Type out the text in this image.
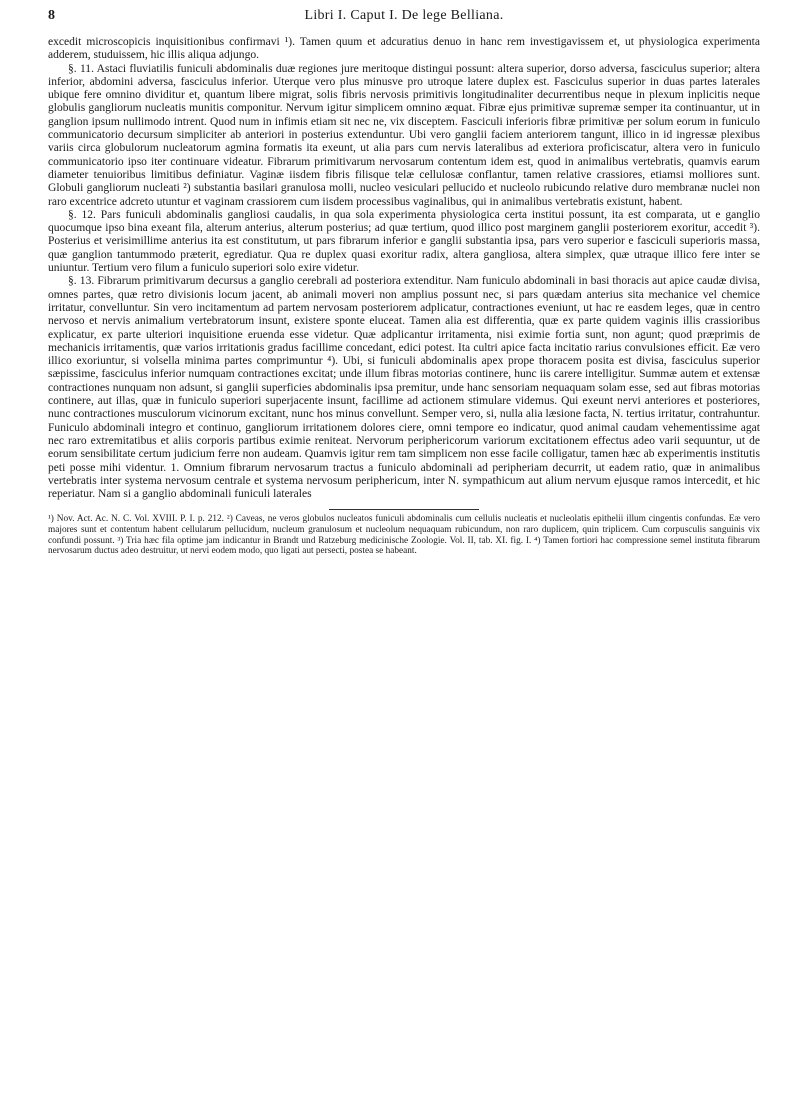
8	Libri I. Caput I. De lege Belliana.

excedit microscopicis inquisitionibus confirmavi ¹). Tamen quum et adcuratius denuo in hanc rem investigavissem et, ut physiologica experimenta adderem, studuissem, hic illis aliqua adjungo.

§. 11. Astaci fluviatilis funiculi abdominalis duæ regiones jure meritoque distingui possunt: altera superior, dorso adversa, fasciculus superior; altera inferior, abdomini adversa, fasciculus inferior. Uterque vero plus minusve pro utroque latere duplex est. Fasciculus superior in duas partes laterales ubique fere omnino dividitur et, quantum libere migrat, solis fibris nervosis primitivis longitudinaliter decurrentibus neque in plexum inplicitis neque globulis gangliorum nucleatis munitis componitur. Nervum igitur simplicem omnino æquat. Fibræ ejus primitivæ supremæ semper ita continuantur, ut in ganglion ipsum nullimodo intrent. Quod num in infimis etiam sit nec ne, vix disceptem. Fasciculi inferioris fibræ primitivæ per solum eorum in funiculo communicatorio decursum simpliciter ab anteriori in posterius extenduntur. Ubi vero ganglii faciem anteriorem tangunt, illico in id ingressæ plexibus variis circa globulorum nucleatorum agmina formatis ita exeunt, ut alia pars cum nervis lateralibus ad exteriora proficiscatur, altera vero in funiculo communicatorio ipso iter continuare videatur. Fibrarum primitivarum nervosarum contentum idem est, quod in animalibus vertebratis, quamvis earum diameter tenuioribus limitibus definiatur. Vaginæ iisdem fibris filisque telæ cellulosæ conflantur, tamen relative crassiores, etiamsi molliores sunt. Globuli gangliorum nucleati ²) substantia basilari granulosa molli, nucleo vesiculari pellucido et nucleolo rubicundo relative duro membranæ nuclei non raro excentrice adcreto utuntur et vaginam crassiorem cum iisdem processibus vaginalibus, qui in animalibus vertebratis existunt, habent.

§. 12. Pars funiculi abdominalis gangliosi caudalis, in qua sola experimenta physiologica certa institui possunt, ita est comparata, ut e ganglio quocumque ipso bina exeant fila, alterum anterius, alterum posterius; ad quæ tertium, quod illico post marginem ganglii posteriorem exoritur, accedit ³). Posterius et verisimillime anterius ita est constitutum, ut pars fibrarum inferior e ganglii substantia ipsa, pars vero superior e fasciculi superioris massa, quæ ganglion tantummodo præterit, egrediatur. Qua re duplex quasi exoritur radix, altera gangliosa, altera simplex, quæ utraque illico fere inter se uniuntur. Tertium vero filum a funiculo superiori solo exire videtur.

§. 13. Fibrarum primitivarum decursus a ganglio cerebrali ad posteriora extenditur. Nam funiculo abdominali in basi thoracis aut apice caudæ divisa, omnes partes, quæ retro divisionis locum jacent, ab animali moveri non amplius possunt nec, si pars quædam anterius sita mechanice vel chemice irritatur, convelluntur. Sin vero incitamentum ad partem nervosam posteriorem adplicatur, contractiones eveniunt, ut hac re easdem leges, quæ in centro nervoso et nervis animalium vertebratorum insunt, existere sponte eluceat. Tamen alia est differentia, quæ ex parte quidem vaginis illis crassioribus explicatur, ex parte ulteriori inquisitione eruenda esse videtur. Quæ adplicantur irritamenta, nisi eximie fortia sunt, non agunt; quod præprimis de mechanicis irritamentis, quæ varios irritationis gradus facillime concedant, edici potest. Ita cultri apice facta incitatio rarius convulsiones efficit. Eæ vero illico exoriuntur, si volsella minima partes comprimuntur ⁴). Ubi, si funiculi abdominalis apex prope thoracem posita est divisa, fasciculus superior sæpissime, fasciculus inferior numquam contractiones excitat; unde illum fibras motorias continere, hunc iis carere intelligitur. Summæ autem et extensæ contractiones nunquam non adsunt, si ganglii superficies abdominalis ipsa premitur, unde hanc sensoriam nequaquam solam esse, sed aut fibras motorias continere, aut illas, quæ in funiculo superiori superjacente insunt, facillime ad actionem stimulare videmus. Qui exeunt nervi anteriores et posteriores, nunc contractiones musculorum vicinorum excitant, nunc hos minus convellunt. Semper vero, si, nulla alia læsione facta, N. tertius irritatur, contrahuntur. Funiculo abdominali integro et continuo, gangliorum irritationem dolores ciere, omni tempore eo indicatur, quod animal caudam vehementissime agat nec raro extremitatibus et aliis corporis partibus eximie reniteat. Nervorum periphericorum variorum excitationem effectus adeo varii sequuntur, ut de eorum sensibilitate certum judicium ferre non audeam. Quamvis igitur rem tam simplicem non esse facile colligatur, tamen hæc ab experimentis institutis peti posse mihi videntur. 1. Omnium fibrarum nervosarum tractus a funiculo abdominali ad peripheriam decurrit, ut eadem ratio, quæ in animalibus vertebratis inter systema nervosum centrale et systema nervosum periphericum, inter N. sympathicum aut alium nervum ejusque ramos intercedit, et hic reperiatur. Nam si a ganglio abdominali funiculi laterales

¹) Nov. Act. Ac. N. C. Vol. XVIII. P. I. p. 212. ²) Caveas, ne veros globulos nucleatos funiculi abdominalis cum cellulis nucleatis et nucleolatis epithelii illum cingentis confundas. Eæ vero majores sunt et contentum habent cellularum pellucidum, nucleum granulosum et nucleolum nequaquam rubicundum, non raro duplicem, quin triplicem. Cum corpusculis sanguinis vix confundi possunt. ³) Tria hæc fila optime jam indicantur in Brandt und Ratzeburg medicinische Zoologie. Vol. II, tab. XI. fig. I. ⁴) Tamen fortiori hac compressione semel instituta fibrarum nervosarum ductus adeo destruitur, ut nervi eodem modo, quo ligati aut persecti, postea se habeant.
